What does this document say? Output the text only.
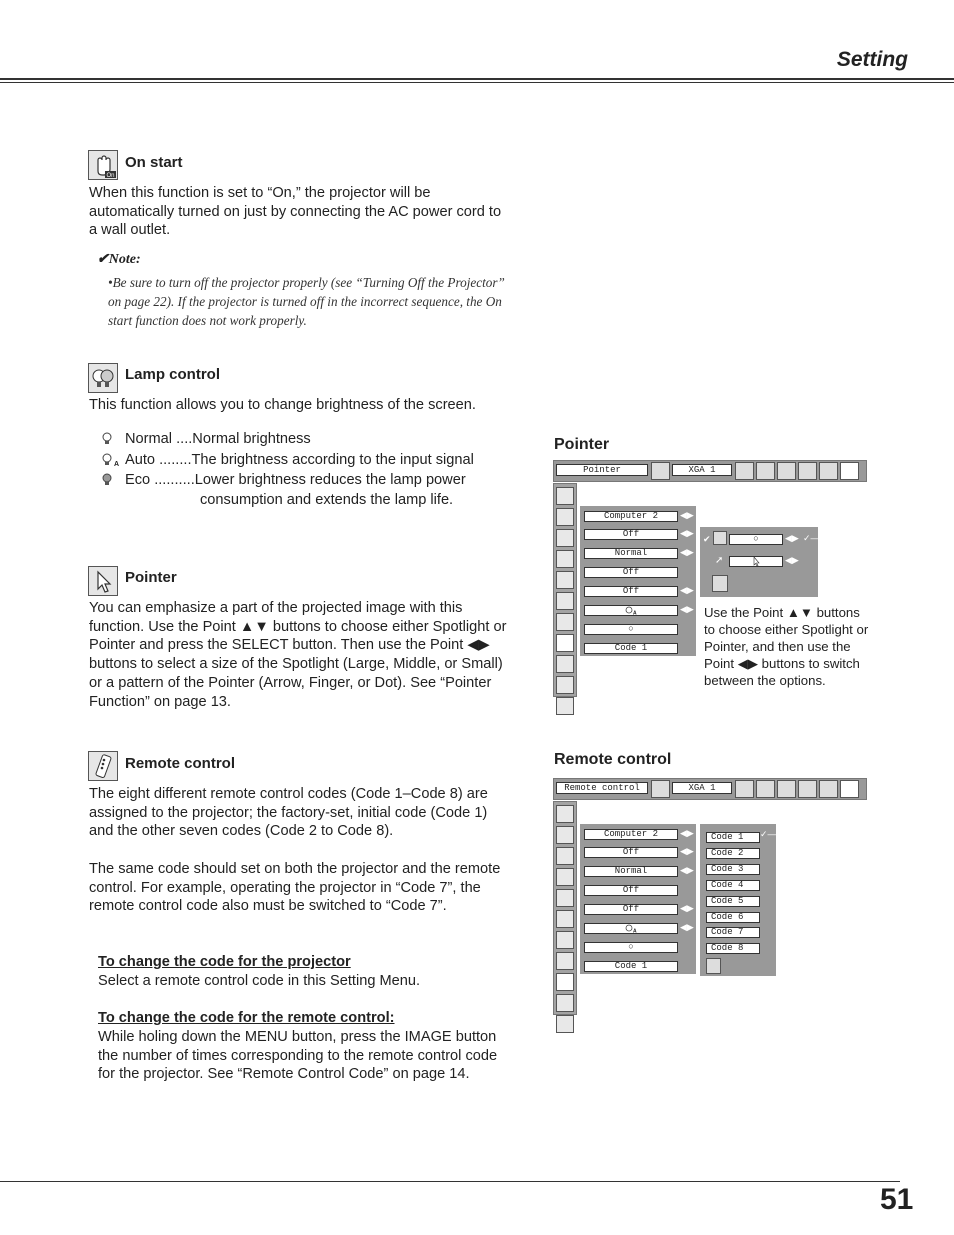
Setting
On
On start
When this function is set to “On,” the projector will be automatically turned on just by connecting the AC power cord to a wall outlet.
✔Note:
•Be sure to turn off the projector properly (see “Turning Off the Projector” on page 22). If the projector is turned off in the incorrect sequence, the On start function does not work properly.
Lamp control
This function allows you to change brightness of the screen.
Normal ....Normal brightness
A Auto ........The brightness according to the input signal
Eco ..........Lower brightness reduces the lamp power
consumption and extends the lamp life.
Pointer
You can emphasize a part of the projected image with this function. Use the Point ▲▼ buttons to choose either Spotlight or Pointer and press the SELECT button. Then use the Point ◀▶ buttons to select a size of the Spotlight (Large, Middle, or Small) or a pattern of the Pointer (Arrow, Finger, or Dot). See “Pointer Function” on page 13.
Remote control
The eight different remote control codes (Code 1–Code 8) are assigned to the projector; the factory-set, initial code (Code 1) and the other seven codes (Code 2 to Code 8).
The same code should set on both the projector and the remote control. For example, operating the projector in “Code 7”, the remote control code also must be switched to “Code 7”.
To change the code for the projector
Select a remote control code in this Setting Menu.
To change the code for the remote control:
While holing down the MENU button, press the IMAGE button the number of times corresponding to the remote control code for the projector. See “Remote Control Code” on page 14.
Pointer
Pointer	XGA 1
Computer 2	◀▶
Off	◀▶
Normal	◀▶
Off
Off	◀▶
A	◀▶
○
Code 1
✔	○	◀▶ ✓—
➚	◀▶
Use the Point ▲▼ buttons to choose either Spotlight or Pointer, and then use the Point ◀▶ buttons to switch between the options.
Remote control
Remote control	XGA 1
Computer 2	◀▶
Off	◀▶
Normal	◀▶
Off
Off	◀▶
A	◀▶
○
Code 1
✓—
Code 1
Code 2
Code 3
Code 4
Code 5
Code 6
Code 7
Code 8
51
